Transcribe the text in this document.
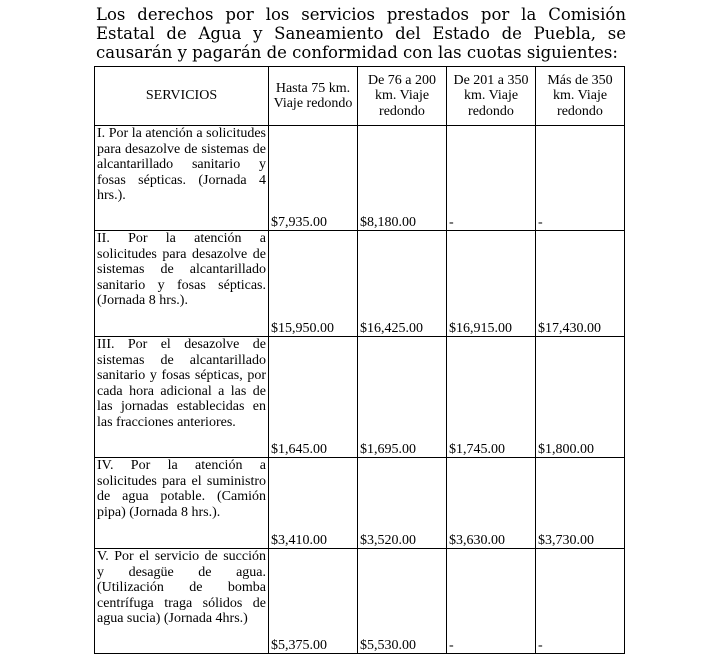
Los derechos por los servicios prestados por la Comisión Estatal de Agua y Saneamiento del Estado de Puebla, se causarán y pagarán de conformidad con las cuotas siguientes:

SERVICIOS	Hasta 75 km. Viaje redondo	De 76 a 200 km. Viaje redondo	De 201 a 350 km. Viaje redondo	Más de 350 km. Viaje redondo
I. Por la atención a solicitudes para desazolve de sistemas de alcantarillado sanitario y fosas sépticas. (Jornada 4 hrs.).	$7,935.00	$8,180.00	-	-
II. Por la atención a solicitudes para desazolve de sistemas de alcantarillado sanitario y fosas sépticas. (Jornada 8 hrs.).	$15,950.00	$16,425.00	$16,915.00	$17,430.00
III. Por el desazolve de sistemas de alcantarillado sanitario y fosas sépticas, por cada hora adicional a las de las jornadas establecidas en las fracciones anteriores.	$1,645.00	$1,695.00	$1,745.00	$1,800.00
IV. Por la atención a solicitudes para el suministro de agua potable. (Camión pipa) (Jornada 8 hrs.).	$3,410.00	$3,520.00	$3,630.00	$3,730.00
V. Por el servicio de succión y desagüe de agua. (Utilización de bomba centrífuga traga sólidos de agua sucia) (Jornada 4hrs.)	$5,375.00	$5,530.00	-	-
